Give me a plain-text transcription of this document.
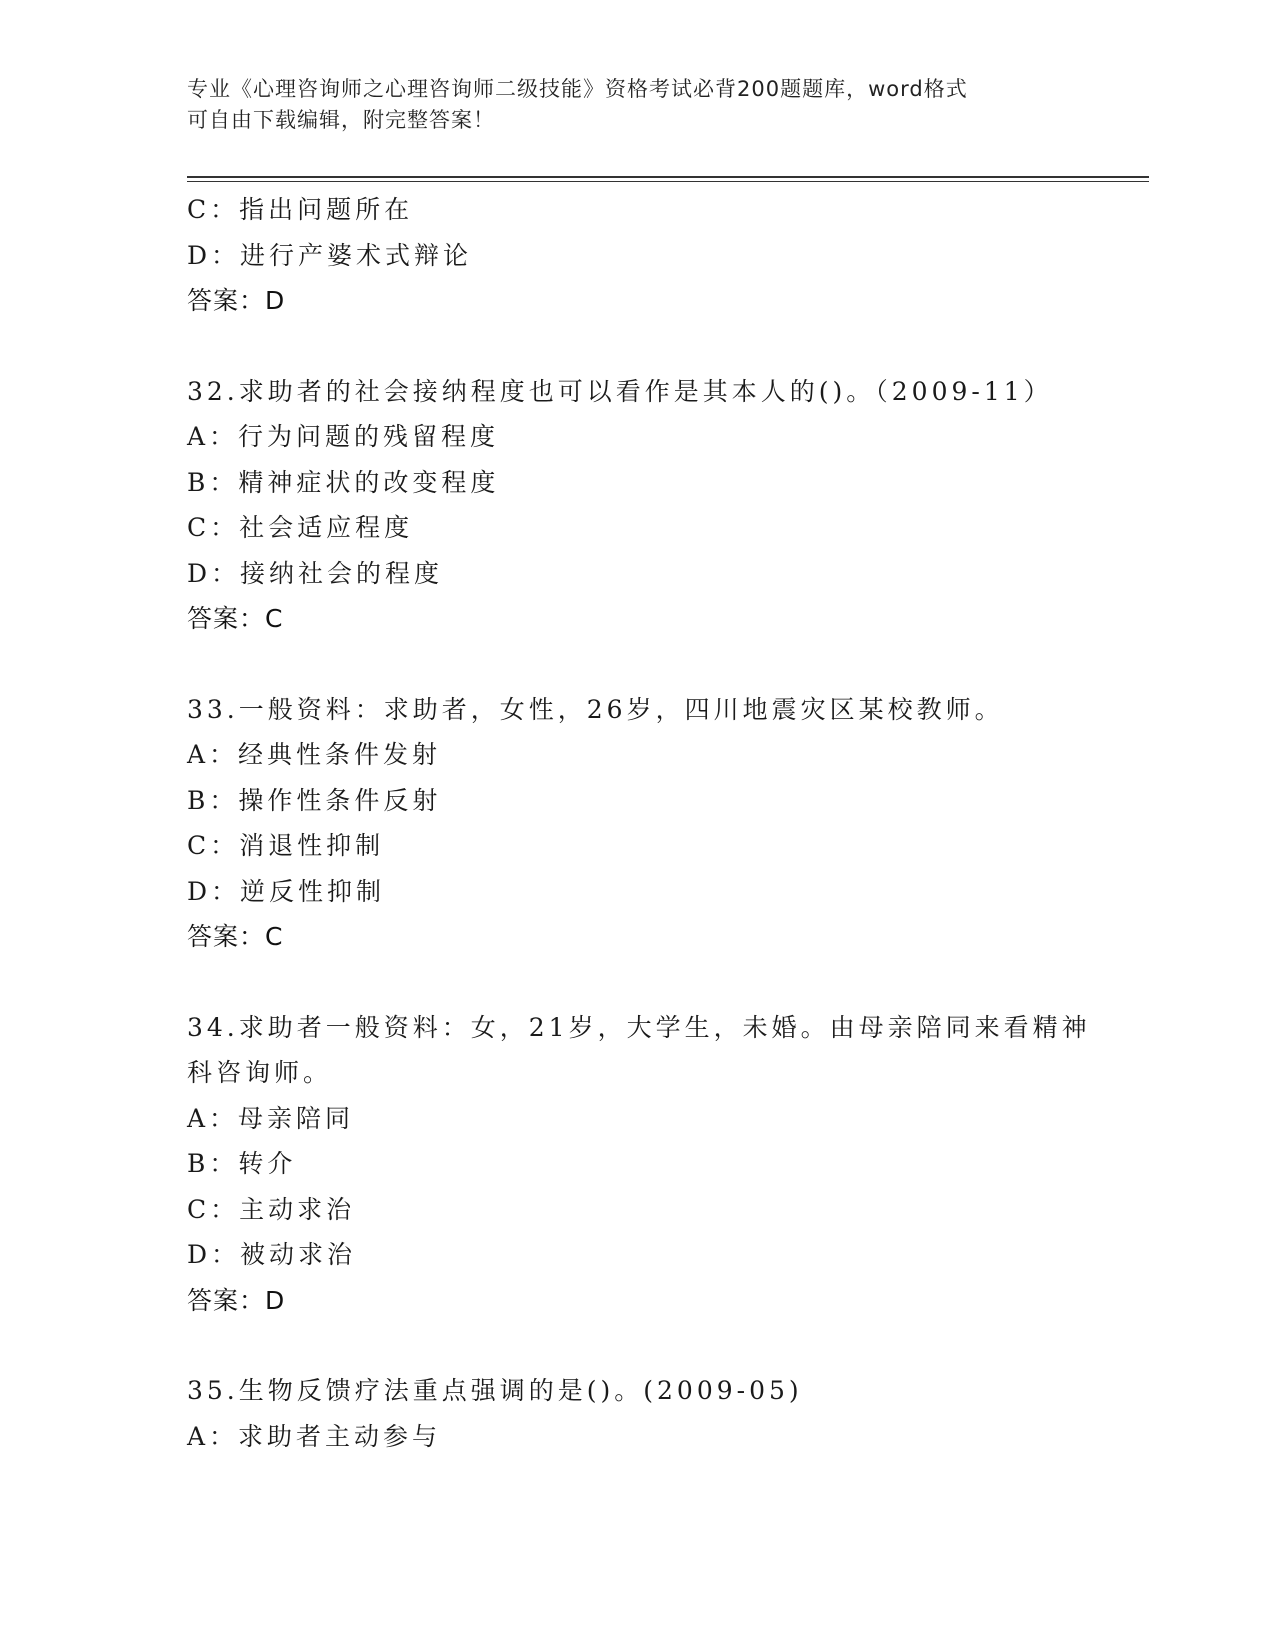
专业《心理咨询师之心理咨询师二级技能》资格考试必背200题题库，word格式
可自由下载编辑，附完整答案！
C：指出问题所在
D：进行产婆术式辩论
答案：D
32.求助者的社会接纳程度也可以看作是其本人的()。（2009-11）
A：行为问题的残留程度
B：精神症状的改变程度
C：社会适应程度
D：接纳社会的程度
答案：C
33.一般资料：求助者，女性，26岁，四川地震灾区某校教师。
A：经典性条件发射
B：操作性条件反射
C：消退性抑制
D：逆反性抑制
答案：C
34.求助者一般资料：女，21岁，大学生，未婚。由母亲陪同来看精神
科咨询师。
A：母亲陪同
B：转介
C：主动求治
D：被动求治
答案：D
35.生物反馈疗法重点强调的是()。(2009-05)
A：求助者主动参与
